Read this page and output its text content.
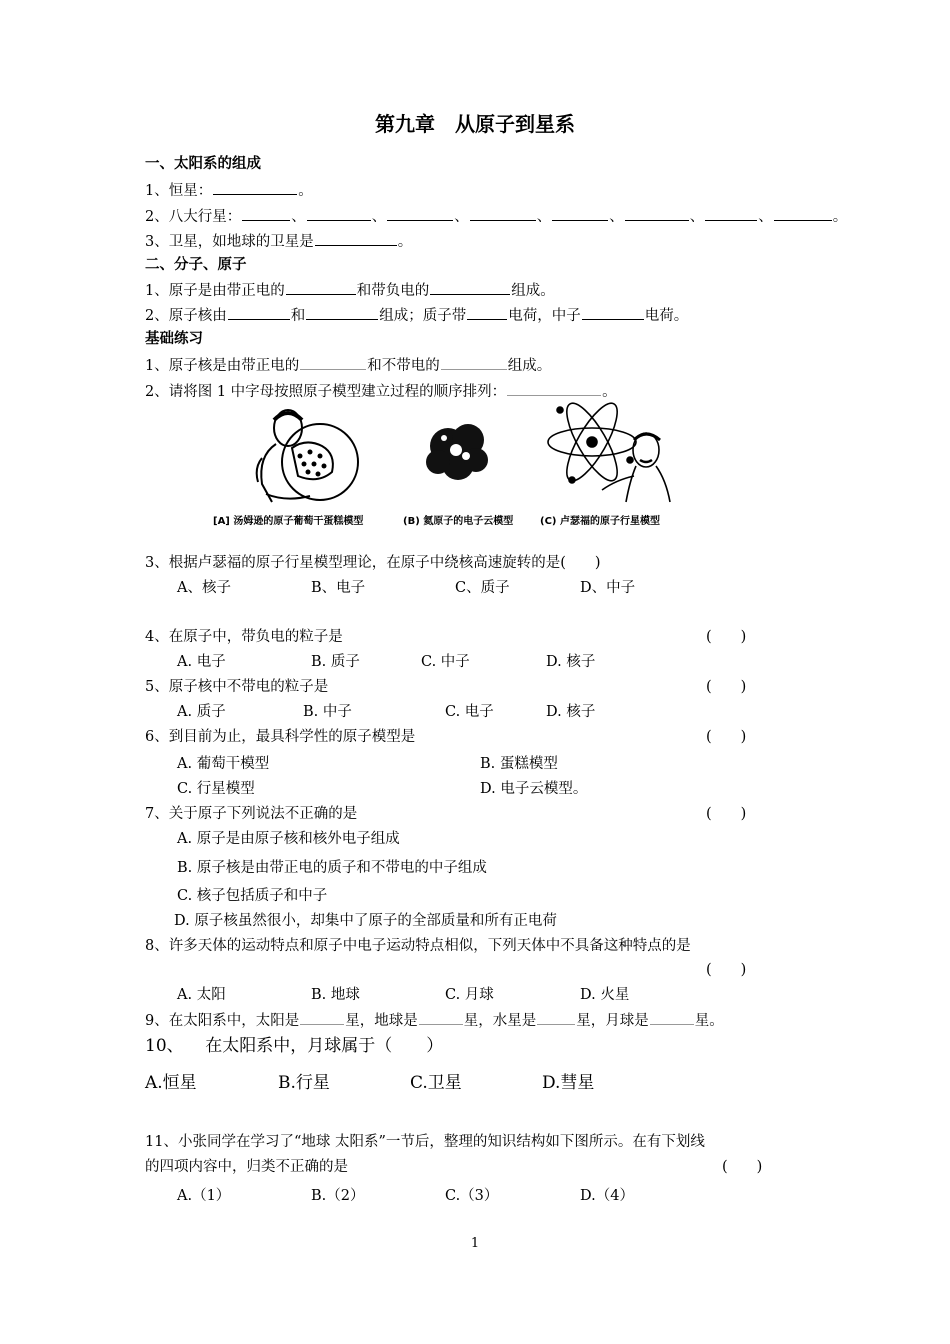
第九章　从原子到星系
一、太阳系的组成
1、恒星：	。
2、八大行星：	、	、	、	、	、	、	、	。
3、卫星，如地球的卫星是	。
二、分子、原子
1、原子是由带正电的	和带负电的	组成。
2、原子核由	和	组成；质子带	电荷，中子	电荷。
基础练习
1、原子核是由带正电的	和不带电的	组成。
2、请将图 1 中字母按照原子模型建立过程的顺序排列：	。
[A] 汤姆逊的原子葡萄干蛋糕模型	(B) 氦原子的电子云模型	(C) 卢瑟福的原子行星模型
3、根据卢瑟福的原子行星模型理论，在原子中绕核高速旋转的是(　　)
A、核子	B、电子	C、质子	D、中子
4、在原子中，带负电的粒子是	(　　)
A. 电子	B. 质子	C. 中子	D. 核子
5、原子核中不带电的粒子是	(　　)
A. 质子	B. 中子	C. 电子	D. 核子
6、到目前为止，最具科学性的原子模型是	(　　)
A. 葡萄干模型	B. 蛋糕模型
C. 行星模型	D. 电子云模型。
7、关于原子下列说法不正确的是	(　　)
A. 原子是由原子核和核外电子组成
B. 原子核是由带正电的质子和不带电的中子组成
C. 核子包括质子和中子
D. 原子核虽然很小，却集中了原子的全部质量和所有正电荷
8、许多天体的运动特点和原子中电子运动特点相似，下列天体中不具备这种特点的是
(　　)
A. 太阳	B. 地球	C. 月球	D. 火星
9、在太阳系中，太阳是	星，地球是	星，水星是	星，月球是	星。
10、 在太阳系中，月球属于（　　）
A.恒星	B.行星	C.卫星	D.彗星
11、小张同学在学习了“地球 太阳系”一节后，整理的知识结构如下图所示。在有下划线
的四项内容中，归类不正确的是	(　　)
A.（1）	B.（2）	C.（3）	D.（4）
1
